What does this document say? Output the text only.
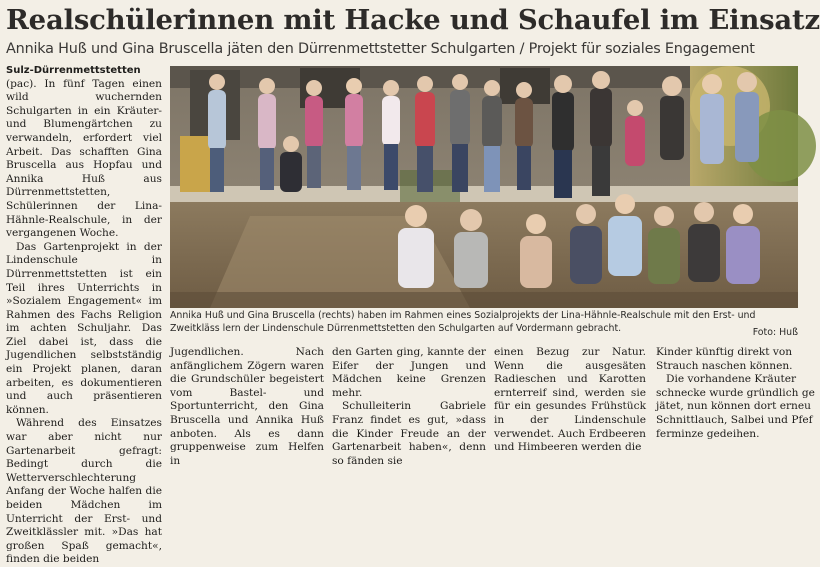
Realschülerinnen mit Hacke und Schaufel im Einsatz
Annika Huß und Gina Bruscella jäten den Dürrenmettstetter Schulgarten / Projekt für soziales Engagement

Sulz-Dürrenmettstetten (pac). In fünf Tagen einen wild wuchernden Schulgarten in ein Kräuter- und Blumengärtchen zu verwandeln, erfordert viel Arbeit. Das schafften Gina Bruscella aus Hopfau und Annika Huß aus Dürrenmettstetten, Schülerinnen der Lina-Hähnle-Realschule, in der vergangenen Woche.

Das Gartenprojekt in der Lindenschule in Dürrenmettstetten ist ein Teil ihres Unterrichts in »Sozialem Engagement« im Rahmen des Fachs Religion im achten Schuljahr. Das Ziel dabei ist, dass die Jugendlichen selbstständig ein Projekt planen, daran arbeiten, es dokumentieren und auch präsentieren können.

Während des Einsatzes war aber nicht nur Gartenarbeit gefragt: Bedingt durch die Wetterverschlechterung Anfang der Woche halfen die beiden Mädchen im Unterricht der Erst- und Zweitklässler mit. »Das hat großen Spaß gemacht«, finden die beiden

Annika Huß und Gina Bruscella (rechts) haben im Rahmen eines Sozialprojekts der Lina-Hähnle-Realschule mit den Erst- und Zweitkläss lern der Lindenschule Dürrenmettstetten den Schulgarten auf Vordermann gebracht.	Foto: Huß

Jugendlichen. Nach anfänglichem Zögern waren die Grundschüler begeistert vom Bastel- und Sportunterricht, den Gina Bruscella und Annika Huß anboten. Als es dann gruppenweise zum Helfen in

den Garten ging, kannte der Eifer der Jungen und Mädchen keine Grenzen mehr.

Schulleiterin Gabriele Franz findet es gut, »dass die Kinder Freude an der Gartenarbeit haben«, denn so fänden sie

einen Bezug zur Natur. Wenn die ausgesäten Radieschen und Karotten ernterreif sind, werden sie für ein gesundes Frühstück in der Lindenschule verwendet. Auch Erdbeeren und Himbeeren werden die

Kinder künftig direkt von
Strauch naschen können.
Die vorhandene Kräuter
schnecke wurde gründlich ge
jätet, nun können dort erneu
Schnittlauch, Salbei und Pfef
ferminze gedeihen.
